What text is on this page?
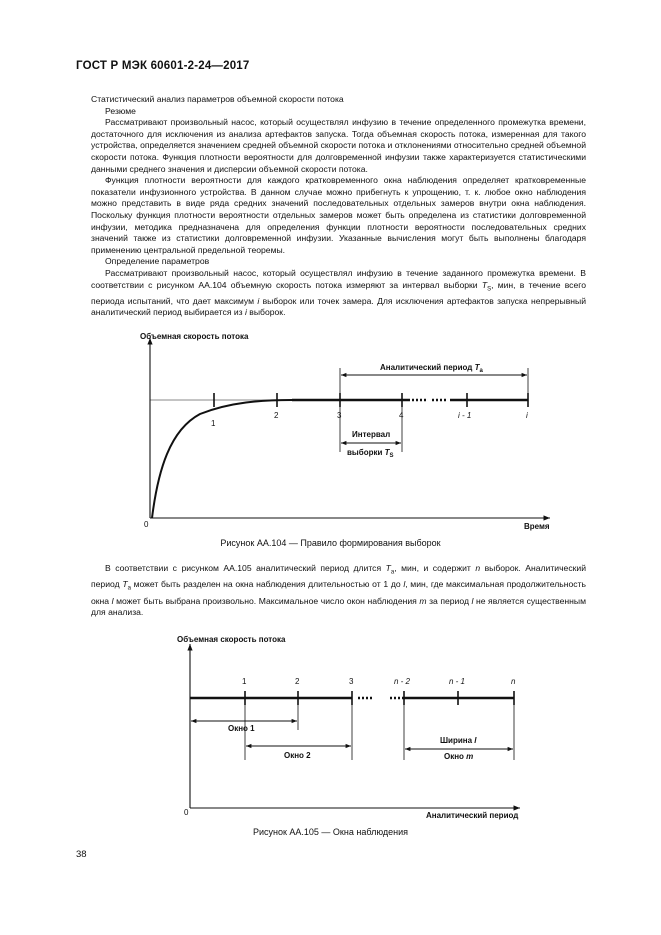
ГОСТ Р МЭК 60601-2-24—2017

Статистический анализ параметров объемной скорости потока

Резюме

Рассматривают произвольный насос, который осуществлял инфузию в течение определенного промежутка времени, достаточного для исключения из анализа артефактов запуска. Тогда объемная скорость потока, измеренная для такого устройства, определяется значением средней объемной скорости потока и отклонениями относительно средней объемной скорости потока. Функция плотности вероятности для долговременной инфузии также характеризуется статистическими данными среднего значения и дисперсии объемной скорости потока.

Функция плотности вероятности для каждого кратковременного окна наблюдения определяет кратковременные показатели инфузионного устройства. В данном случае можно прибегнуть к упрощению, т. к. любое окно наблюдения можно представить в виде ряда средних значений последовательных отдельных замеров внутри окна наблюдения. Поскольку функция плотности вероятности отдельных замеров может быть определена из статистики долговременной инфузии, методика предназначена для определения функции плотности вероятности последовательных средних значений также из статистики долговременной инфузии. Указанные вычисления могут быть выполнены благодаря применению центральной предельной теоремы.

Определение параметров

Рассматривают произвольный насос, который осуществлял инфузию в течение заданного промежутка времени. В соответствии с рисунком АА.104 объемную скорость потока измеряют за интервал выборки $T_S$, мин, в течение всего периода испытаний, что дает максимум i выборок или точек замера. Для исключения артефактов запуска непрерывный аналитический период выбирается из i выборок.

Объемная скорость потока
Время
0
1
2	3	4	i - 1	i
Аналитический период $T_a$
Интервал
выборки $T_S$
Рисунок АА.104 — Правило формирования выборок

В соответствии с рисунком АА.105 аналитический период длится $T_a$, мин, и содержит n выборок. Аналитический период $T_a$ может быть разделен на окна наблюдения длительностью от 1 до l, мин, где максимальная продолжительность окна l может быть выбрана произвольно. Максимальное число окон наблюдения m за период l не является существенным для анализа.

Объемная скорость потока
Аналитический период
0
1	2	3	n - 2	n - 1	n
Окно 1
Окно 2
Ширина l
Окно m
Рисунок АА.105 — Окна наблюдения
38
